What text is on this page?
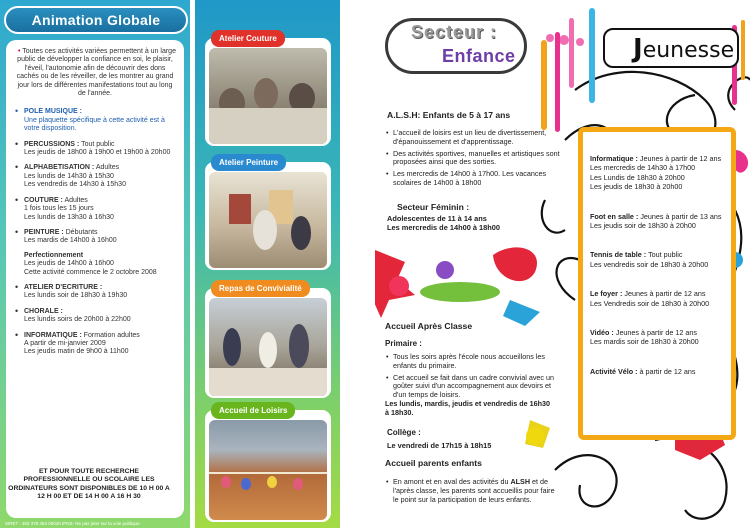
Animation Globale

• Toutes ces activités variées permettent à un large public de développer la confiance en soi, le plaisir, l'éveil, l'autonomie afin de découvrir des dons cachés ou de les réveiller, de les montrer au grand jour lors de différentes manifestations tout au long de l'année.

• POLE MUSIQUE :
Une plaquette spécifique à cette activité est à votre disposition.
• PERCUSSIONS : Tout public
Les jeudis de 18h00 à 19h00 et 19h00 à 20h00
• ALPHABETISATION : Adultes
Les lundis de 14h30 à 15h30
Les vendredis de 14h30 à 15h30
• COUTURE : Adultes
1 fois tous les 15 jours
Les lundis de 13h30 à 16h30
• PEINTURE : Débutants
Les mardis de 14h00 à 16h00
Perfectionnement
Les jeudis de 14h00 à 16h00
Cette activité commence le 2 octobre 2008
• ATELIER D'ECRITURE :
Les lundis soir de 18h30 à 19h30
• CHORALE :
Les lundis soirs de 20h00 à 22h00
• INFORMATIQUE : Formation adultes
A partir de mi-janvier 2009
Les jeudis matin de 9h00 à 11h00
ET POUR TOUTE RECHERCHE PROFESSIONNELLE OU SCOLAIRE LES ORDINATEURS SONT DISPONIBLES DE 10 H 00 A 12 H 00 ET DE 14 H 00 A 16 H 30
SIRET : 483 378 454 00020 IPNS- Ne pas jeter sur la voie publique.
Atelier Couture
Atelier Peinture
Repas de Convivialité
Accueil de Loisirs
Secteur :
Enfance	Jeunesse
A.L.S.H: Enfants de 5 à 17 ans
• L'accueil de loisirs est un lieu de divertissement, d'épanouissement et d'apprentissage.
• Des activités sportives, manuelles et artistiques sont proposées ainsi que des sorties.
• Les mercredis de 14h00 à 17h00. Les vacances scolaires de 14h00 à 18h00
Secteur Féminin :
Adolescentes de 11 à 14 ans
Les mercredis de 14h00 à 18h00
Accueil Après Classe
Primaire :
• Tous les soirs après l'école nous accueillons les enfants du primaire.
• Cet accueil se fait dans un cadre convivial avec un goûter suivi d'un accompagnement aux devoirs et d'un temps de loisirs.
Les lundis, mardis, jeudis et vendredis de 16h30 à 18h30.
Collège :
Le vendredi de 17h15 à 18h15
Accueil parents enfants
• En amont et en aval des activités du ALSH et de l'après classe, les parents sont accueillis pour faire le point sur la participation de leurs enfants.
Informatique : Jeunes à partir de 12 ans
Les mercredis de 14h30 à 17h00
Les Lundis de 18h30 à 20h00
Les jeudis de 18h30 à 20h00
Foot en salle : Jeunes à partir de 13 ans
Les jeudis soir de 18h30 à 20h00
Tennis de table : Tout public
Les vendredis soir de 18h30 à 20h00
Le foyer : Jeunes à partir de 12 ans
Les Vendredis soir de 18h30 à 20h00
Vidéo : Jeunes à partir de 12 ans
Les mardis soir de 18h30 à 20h00
Activité Vélo : à partir de 12 ans
